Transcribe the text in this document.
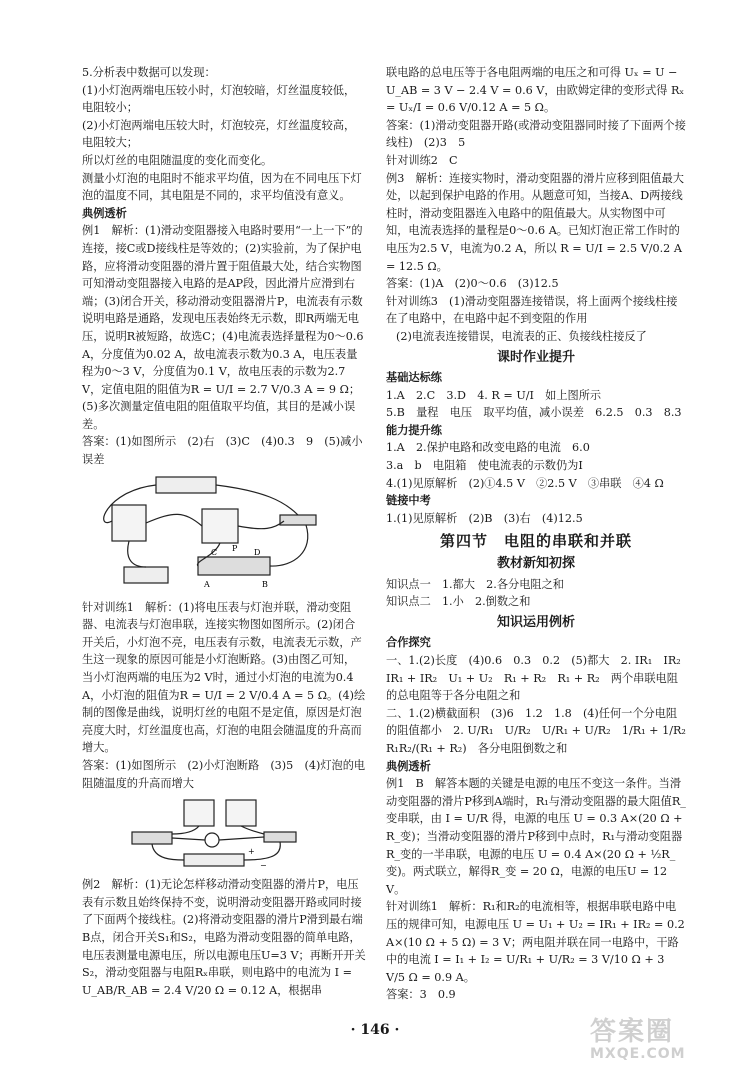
5.分析表中数据可以发现：

(1)小灯泡两端电压较小时，灯泡较暗，灯丝温度较低，电阻较小；

(2)小灯泡两端电压较大时，灯泡较亮，灯丝温度较高，电阻较大；

所以灯丝的电阻随温度的变化而变化。

测量小灯泡的电阻时不能求平均值，因为在不同电压下灯泡的温度不同，其电阻是不同的，求平均值没有意义。

典例透析

例1　解析：(1)滑动变阻器接入电路时要用“一上一下”的连接，接C或D接线柱是等效的；(2)实验前，为了保护电路，应将滑动变阻器的滑片置于阻值最大处，结合实物图可知滑动变阻器接入电路的是AP段，因此滑片应滑到右端；(3)闭合开关，移动滑动变阻器滑片P，电流表有示数说明电路是通路，发现电压表始终无示数，即R两端无电压，说明R被短路，故选C；(4)电流表选择量程为0～0.6 A，分度值为0.02 A，故电流表示数为0.3 A，电压表量程为0～3 V，分度值为0.1 V，故电压表的示数为2.7 V，定值电阻的阻值为R = U/I = 2.7 V/0.3 A = 9 Ω；(5)多次测量定值电阻的阻值取平均值，其目的是减小误差。

答案：(1)如图所示　(2)右　(3)C　(4)0.3　9　(5)减小误差

C P D
A	B

针对训练1　解析：(1)将电压表与灯泡并联，滑动变阻器、电流表与灯泡串联，连接实物图如图所示。(2)闭合开关后，小灯泡不亮，电压表有示数，电流表无示数，产生这一现象的原因可能是小灯泡断路。(3)由图乙可知，当小灯泡两端的电压为2 V时，通过小灯泡的电流为0.4 A，小灯泡的阻值为R = U/I = 2 V/0.4 A = 5 Ω。(4)绘制的图像是曲线，说明灯丝的电阻不是定值，原因是灯泡亮度大时，灯丝温度也高，灯泡的电阻会随温度的升高而增大。

答案：(1)如图所示　(2)小灯泡断路　(3)5　(4)灯泡的电阻随温度的升高而增大

+
−

例2　解析：(1)无论怎样移动滑动变阻器的滑片P，电压表有示数且始终保持不变，说明滑动变阻器开路或同时接了下面两个接线柱。(2)将滑动变阻器的滑片P滑到最右端B点，闭合开关S₁和S₂，电路为滑动变阻器的简单电路，电压表测量电源电压，所以电源电压U=3 V；再断开开关S₂，滑动变阻器与电阻Rₓ串联，则电路中的电流为 I = U_AB/R_AB = 2.4 V/20 Ω = 0.12 A，根据串

联电路的总电压等于各电阻两端的电压之和可得 Uₓ = U − U_AB = 3 V − 2.4 V = 0.6 V，由欧姆定律的变形式得 Rₓ = Uₓ/I = 0.6 V/0.12 A = 5 Ω。

答案：(1)滑动变阻器开路(或滑动变阻器同时接了下面两个接线柱)　(2)3　5

针对训练2　C

例3　解析：连接实物时，滑动变阻器的滑片应移到阻值最大处，以起到保护电路的作用。从题意可知，当接A、D两接线柱时，滑动变阻器连入电路中的阻值最大。从实物图中可知，电流表选择的量程是0～0.6 A。已知灯泡正常工作时的电压为2.5 V，电流为0.2 A，所以 R = U/I = 2.5 V/0.2 A = 12.5 Ω。

答案：(1)A　(2)0～0.6　(3)12.5

针对训练3　(1)滑动变阻器连接错误，将上面两个接线柱接在了电路中，在电路中起不到变阻的作用

(2)电流表连接错误，电流表的正、负接线柱接反了

课时作业提升

基础达标练

1.A　2.C　3.D　4. R = U/I　如上图所示

5.B　量程　电压　取平均值，减小误差　6.2.5　0.3　8.3

能力提升练

1.A　2.保护电路和改变电路的电流　6.0

3.a　b　电阻箱　使电流表的示数仍为I

4.(1)见原解析　(2)①4.5 V　②2.5 V　③串联　④4 Ω

链接中考

1.(1)见原解析　(2)B　(3)右　(4)12.5

第四节　电阻的串联和并联

教材新知初探

知识点一　1.都大　2.各分电阻之和

知识点二　1.小　2.倒数之和

知识运用例析

合作探究

一、1.(2)长度　(4)0.6　0.3　0.2　(5)都大　2. IR₁　IR₂　IR₁ + IR₂　U₁ + U₂　R₁ + R₂　R₁ + R₂　两个串联电阻的总电阻等于各分电阻之和

二、1.(2)横截面积　(3)6　1.2　1.8　(4)任何一个分电阻的阻值都小　2. U/R₁　U/R₂　U/R₁ + U/R₂　1/R₁ + 1/R₂　R₁R₂/(R₁ + R₂)　各分电阻倒数之和

典例透析

例1　B　解答本题的关键是电源的电压不变这一条件。当滑动变阻器的滑片P移到A端时，R₁与滑动变阻器的最大阻值R_变串联，由 I = U/R 得，电源的电压 U = 0.3 A×(20 Ω + R_变)；当滑动变阻器的滑片P移到中点时，R₁与滑动变阻器R_变的一半串联，电源的电压 U = 0.4 A×(20 Ω + ½R_变)。两式联立，解得R_变 = 20 Ω，电源的电压U = 12 V。

针对训练1　解析：R₁和R₂的电流相等，根据串联电路中电压的规律可知，电源电压 U = U₁ + U₂ = IR₁ + IR₂ = 0.2 A×(10 Ω + 5 Ω) = 3 V；两电阻并联在同一电路中，干路中的电流 I = I₁ + I₂ = U/R₁ + U/R₂ = 3 V/10 Ω + 3 V/5 Ω = 0.9 A。

答案：3　0.9

· 146 ·	答案圈
MXQE.COM
